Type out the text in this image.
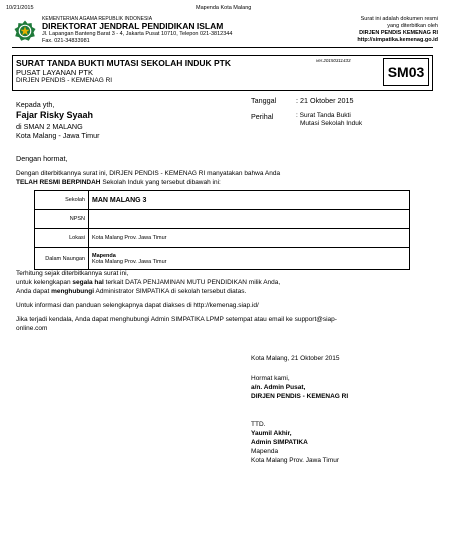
10/21/2015	Mapenda Kota Malang
KEMENTERIAN AGAMA REPUBLIK INDONESIA
DIREKTORAT JENDRAL PENDIDIKAN ISLAM
Jl. Lapangan Banteng Barat 3 - 4, Jakarta Pusat 10710, Telepon 021-3812344
Fax. 021-34833981
Surat ini adalah dokumen resmi
yang diterbitkan oleh
DIRJEN PENDIS KEMENAG RI
http://simpatika.kemenag.go.id
SURAT TANDA BUKTI MUTASI SEKOLAH INDUK PTK
PUSAT LAYANAN PTK
DIRJEN PENDIS - KEMENAG RI
ver.20150311433
SM03
Kepada yth,
Fajar Risky Syaah
di SMAN 2 MALANG
Kota Malang - Jawa Timur
Tanggal	: 21 Oktober 2015
Perihal	: Surat Tanda Bukti
Mutasi Sekolah Induk
Dengan hormat,
Dengan diterbitkannya surat ini, DIRJEN PENDIS - KEMENAG RI manyatakan bahwa Anda
TELAH RESMI BERPINDAH Sekolah Induk yang tersebut dibawah ini:
Sekolah	MAN MALANG 3
NPSN	
Lokasi	Kota Malang Prov. Jawa Timur
Dalam Naungan	Mapenda
Kota Malang Prov. Jawa Timur
Terhitung sejak diterbitkannya surat ini,
untuk kelengkapan segala hal terkait DATA PENJAMINAN MUTU PENDIDIKAN milik Anda,
Anda dapat menghubungi Administrator SIMPATIKA di sekolah tersebut diatas.
Untuk informasi dan panduan selengkapnya dapat diakses di http://kemenag.siap.id/
Jika terjadi kendala, Anda dapat menghubungi Admin SIMPATIKA LPMP setempat atau email ke support@siap-
online.com
Kota Malang, 21 Oktober 2015
Hormat kami,
a/n. Admin Pusat,
DIRJEN PENDIS - KEMENAG RI
TTD.
Yaumil Akhir,
Admin SIMPATIKA
Mapenda
Kota Malang Prov. Jawa Timur
